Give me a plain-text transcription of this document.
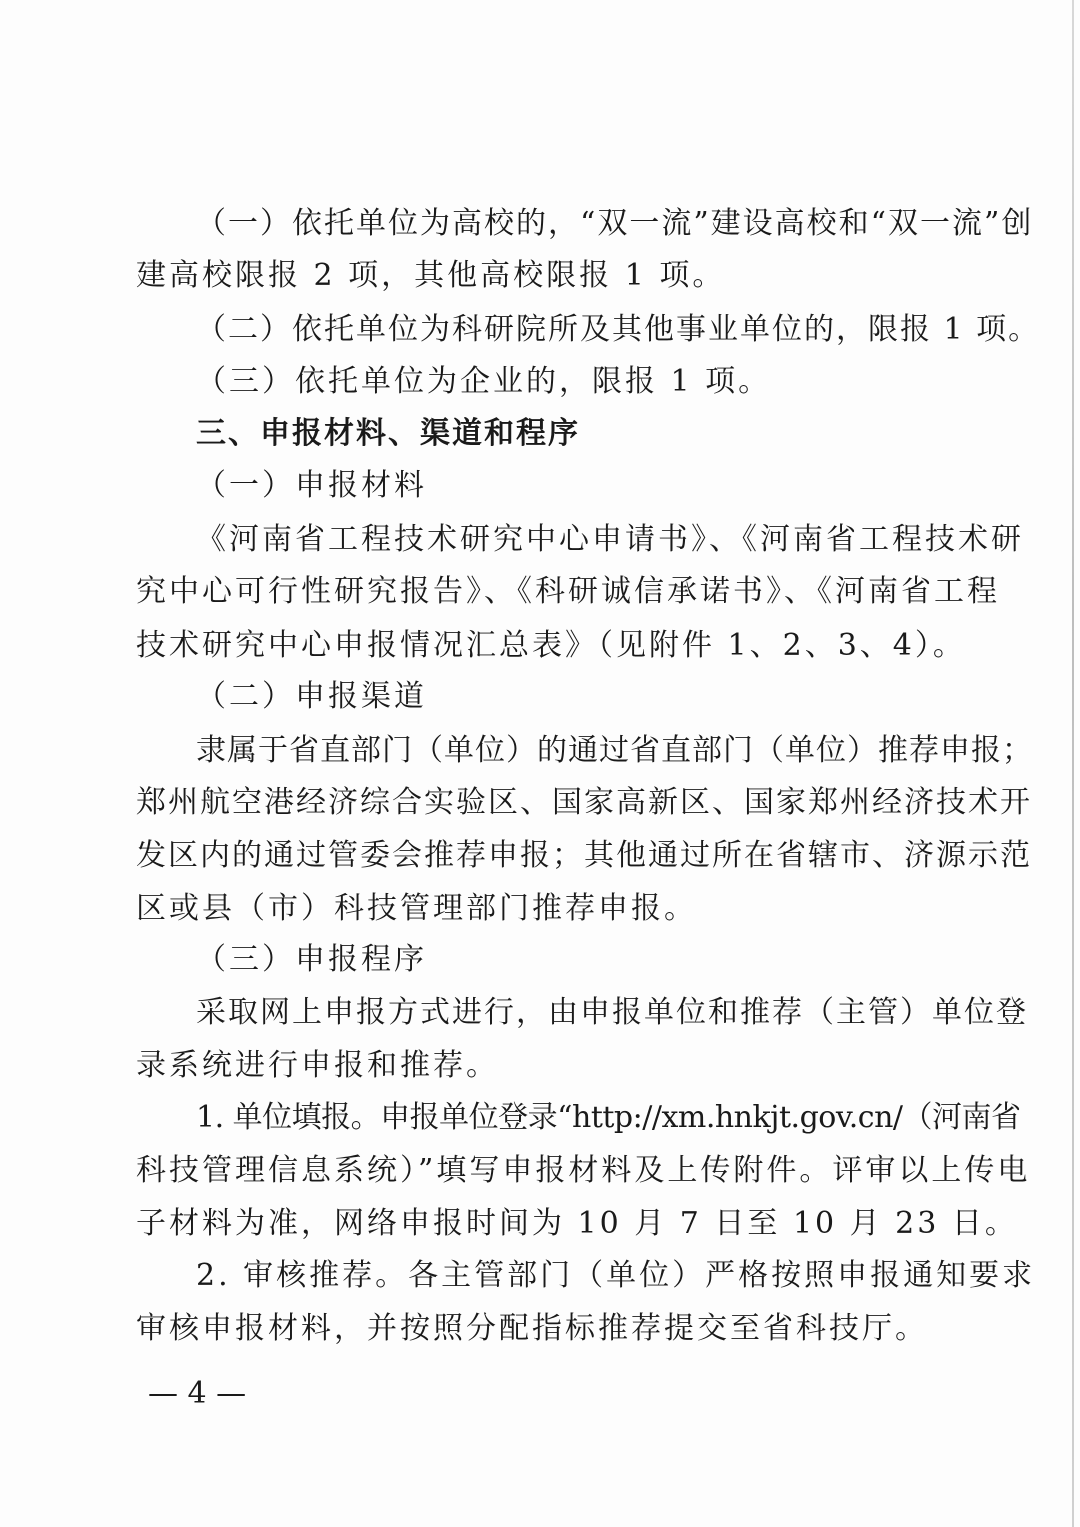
（一）依托单位为高校的，“双一流”建设高校和“双一流”创
建高校限报 2 项，其他高校限报 1 项。
（二）依托单位为科研院所及其他事业单位的，限报 1 项。
（三）依托单位为企业的，限报 1 项。
三、申报材料、渠道和程序
（一）申报材料
《河南省工程技术研究中心申请书》、《河南省工程技术研
究中心可行性研究报告》、《科研诚信承诺书》、《河南省工程
技术研究中心申报情况汇总表》（见附件 1、2、3、4）。
（二）申报渠道
隶属于省直部门（单位）的通过省直部门（单位）推荐申报；
郑州航空港经济综合实验区、国家高新区、国家郑州经济技术开
发区内的通过管委会推荐申报；其他通过所在省辖市、济源示范
区或县（市）科技管理部门推荐申报。
（三）申报程序
采取网上申报方式进行，由申报单位和推荐（主管）单位登
录系统进行申报和推荐。
1. 单位填报。申报单位登录“http://xm.hnkjt.gov.cn/（河南省
科技管理信息系统）”填写申报材料及上传附件。评审以上传电
子材料为准，网络申报时间为 10 月 7 日至 10 月 23 日。
2. 审核推荐。各主管部门（单位）严格按照申报通知要求
审核申报材料，并按照分配指标推荐提交至省科技厅。
— 4 —
